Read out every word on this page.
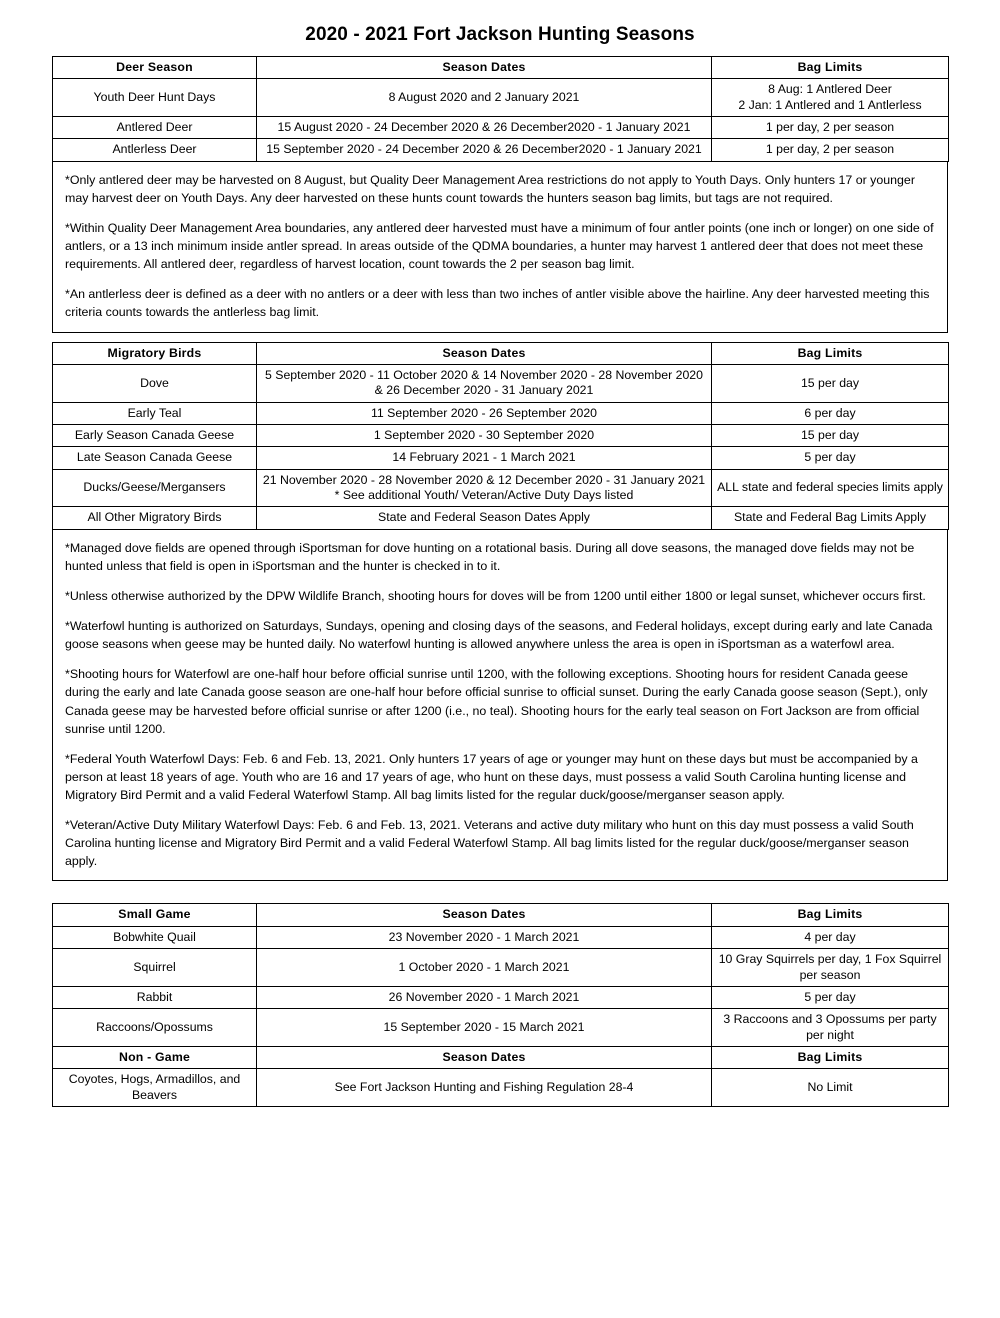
2020 - 2021 Fort Jackson Hunting Seasons
Deer Season	Season Dates	Bag Limits
Youth Deer Hunt Days	8 August 2020 and 2 January 2021	8 Aug: 1 Antlered Deer
2 Jan: 1 Antlered and 1 Antlerless
Antlered Deer	15 August 2020 - 24 December 2020 & 26 December2020 - 1 January 2021	1 per day, 2 per season
Antlerless Deer	15 September 2020 - 24 December 2020 & 26 December2020 - 1 January 2021	1 per day, 2 per season

*Only antlered deer may be harvested on 8 August, but Quality Deer Management Area restrictions do not apply to Youth Days. Only hunters 17 or younger may harvest deer on Youth Days. Any deer harvested on these hunts count towards the hunters season bag limits, but tags are not required.

*Within Quality Deer Management Area boundaries, any antlered deer harvested must have a minimum of four antler points (one inch or longer) on one side of antlers, or a 13 inch minimum inside antler spread. In areas outside of the QDMA boundaries, a hunter may harvest 1 antlered deer that does not meet these requirements. All antlered deer, regardless of harvest location, count towards the 2 per season bag limit.

*An antlerless deer is defined as a deer with no antlers or a deer with less than two inches of antler visible above the hairline. Any deer harvested meeting this criteria counts towards the antlerless bag limit.

Migratory Birds	Season Dates	Bag Limits
Dove	5 September 2020 - 11 October 2020 & 14 November 2020 - 28 November 2020 & 26 December 2020 - 31 January 2021	15 per day
Early Teal	11 September 2020 - 26 September 2020	6 per day
Early Season Canada Geese	1 September 2020 - 30 September 2020	15 per day
Late Season Canada Geese	14 February 2021 - 1 March 2021	5 per day
Ducks/Geese/Mergansers	21 November 2020 - 28 November 2020 & 12 December 2020 - 31 January 2021 * See additional Youth/ Veteran/Active Duty Days listed	ALL state and federal species limits apply
All Other Migratory Birds	State and Federal Season Dates Apply	State and Federal Bag Limits Apply

*Managed dove fields are opened through iSportsman for dove hunting on a rotational basis. During all dove seasons, the managed dove fields may not be hunted unless that field is open in iSportsman and the hunter is checked in to it.

*Unless otherwise authorized by the DPW Wildlife Branch, shooting hours for doves will be from 1200 until either 1800 or legal sunset, whichever occurs first.

*Waterfowl hunting is authorized on Saturdays, Sundays, opening and closing days of the seasons, and Federal holidays, except during early and late Canada goose seasons when geese may be hunted daily. No waterfowl hunting is allowed anywhere unless the area is open in iSportsman as a waterfowl area.

*Shooting hours for Waterfowl are one-half hour before official sunrise until 1200, with the following exceptions. Shooting hours for resident Canada geese during the early and late Canada goose season are one-half hour before official sunrise to official sunset. During the early Canada goose season (Sept.), only Canada geese may be harvested before official sunrise or after 1200 (i.e., no teal). Shooting hours for the early teal season on Fort Jackson are from official sunrise until 1200.

*Federal Youth Waterfowl Days: Feb. 6 and Feb. 13, 2021. Only hunters 17 years of age or younger may hunt on these days but must be accompanied by a person at least 18 years of age. Youth who are 16 and 17 years of age, who hunt on these days, must possess a valid South Carolina hunting license and Migratory Bird Permit and a valid Federal Waterfowl Stamp. All bag limits listed for the regular duck/goose/merganser season apply.

*Veteran/Active Duty Military Waterfowl Days: Feb. 6 and Feb. 13, 2021. Veterans and active duty military who hunt on this day must possess a valid South Carolina hunting license and Migratory Bird Permit and a valid Federal Waterfowl Stamp. All bag limits listed for the regular duck/goose/merganser season apply.

Small Game	Season Dates	Bag Limits
Bobwhite Quail	23 November 2020 - 1 March 2021	4 per day
Squirrel	1 October 2020 - 1 March 2021	10 Gray Squirrels per day, 1 Fox Squirrel per season
Rabbit	26 November 2020 - 1 March 2021	5 per day
Raccoons/Opossums	15 September 2020 - 15 March 2021	3 Raccoons and 3 Opossums per party per night
Non - Game	Season Dates	Bag Limits
Coyotes, Hogs, Armadillos, and Beavers	See Fort Jackson Hunting and Fishing Regulation 28-4	No Limit
